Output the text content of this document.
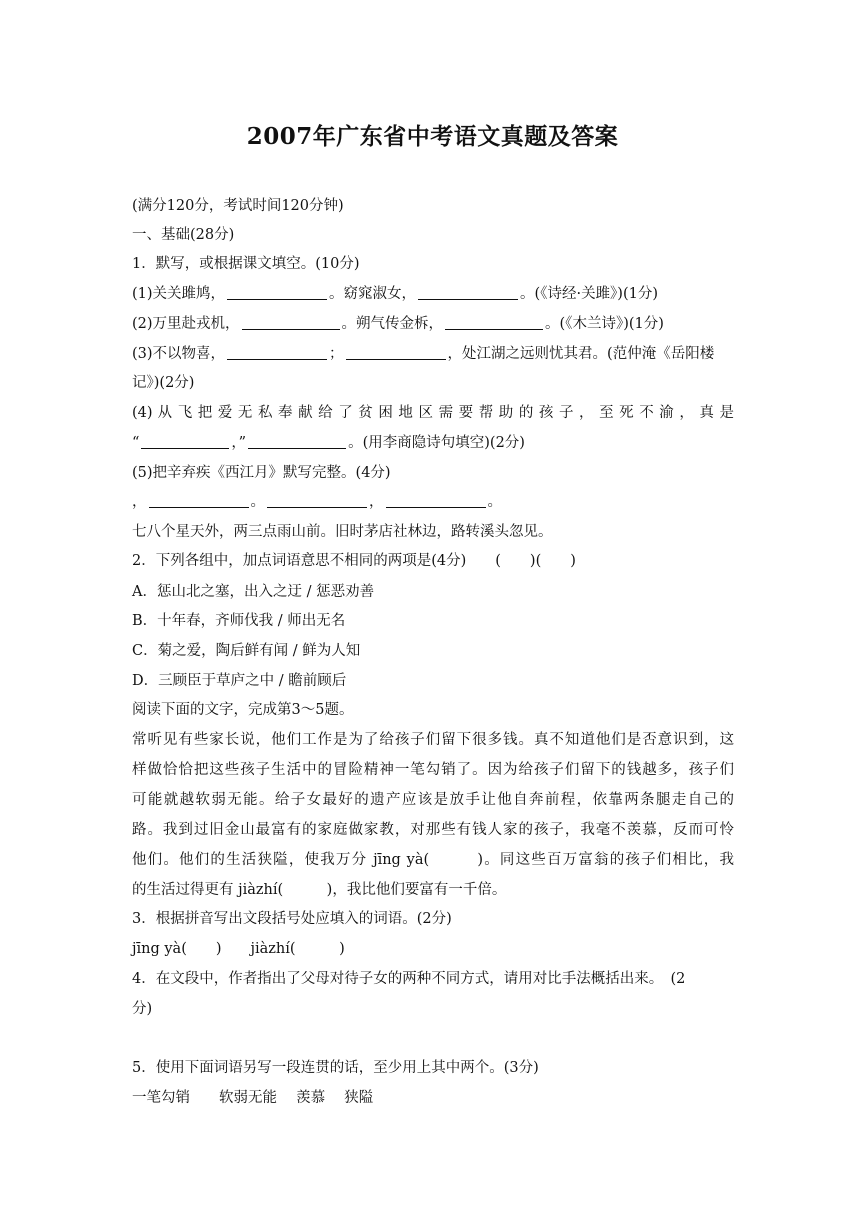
2007年广东省中考语文真题及答案
(满分120分，考试时间120分钟)
一、基础(28分)
1．默写，或根据课文填空。(10分)
(1)关关雎鸠，	。窈窕淑女，	。(《诗经·关雎》)(1分)
(2)万里赴戎机，	。朔气传金柝，	。(《木兰诗》)(1分)
(3)不以物喜，	；	，处江湖之远则忧其君。(范仲淹《岳阳楼
记》)(2分)
(4) 从 飞 把 爱 无 私 奉 献 给 了 贫 困 地 区 需 要 帮 助 的 孩 子 ， 至 死 不 渝 ， 真 是
“	，”	。(用李商隐诗句填空)(2分)
(5)把辛弃疾《西江月》默写完整。(4分)
，	。	，	。
七八个星天外，两三点雨山前。旧时茅店社林边，路转溪头忽见。
2．下列各组中，加点词语意思不相同的两项是(4分)　　(　　)(　　)
A．惩山北之塞，出入之迂 / 惩恶劝善
B．十年春，齐师伐我 / 师出无名
C．菊之爱，陶后鲜有闻 / 鲜为人知
D．三顾臣于草庐之中 / 瞻前顾后
阅读下面的文字，完成第3～5题。
常听见有些家长说，他们工作是为了给孩子们留下很多钱。真不知道他们是否意识到，这
样做恰恰把这些孩子生活中的冒险精神一笔勾销了。因为给孩子们留下的钱越多，孩子们
可能就越软弱无能。给子女最好的遗产应该是放手让他自奔前程，依靠两条腿走自己的
路。我到过旧金山最富有的家庭做家教，对那些有钱人家的孩子，我毫不羡慕，反而可怜
他们。他们的生活狭隘，使我万分 jīng yà(　　　)。同这些百万富翁的孩子们相比，我
的生活过得更有 jiàzhí(　　　)，我比他们要富有一千倍。
3．根据拼音写出文段括号处应填入的词语。(2分)
jīng yà(　　)　　jiàzhí(　　　)
4．在文段中，作者指出了父母对待子女的两种不同方式，请用对比手法概括出来。　(2
分)
5．使用下面词语另写一段连贯的话，至少用上其中两个。(3分)
一笔勾销　　软弱无能　 羡慕　 狭隘
